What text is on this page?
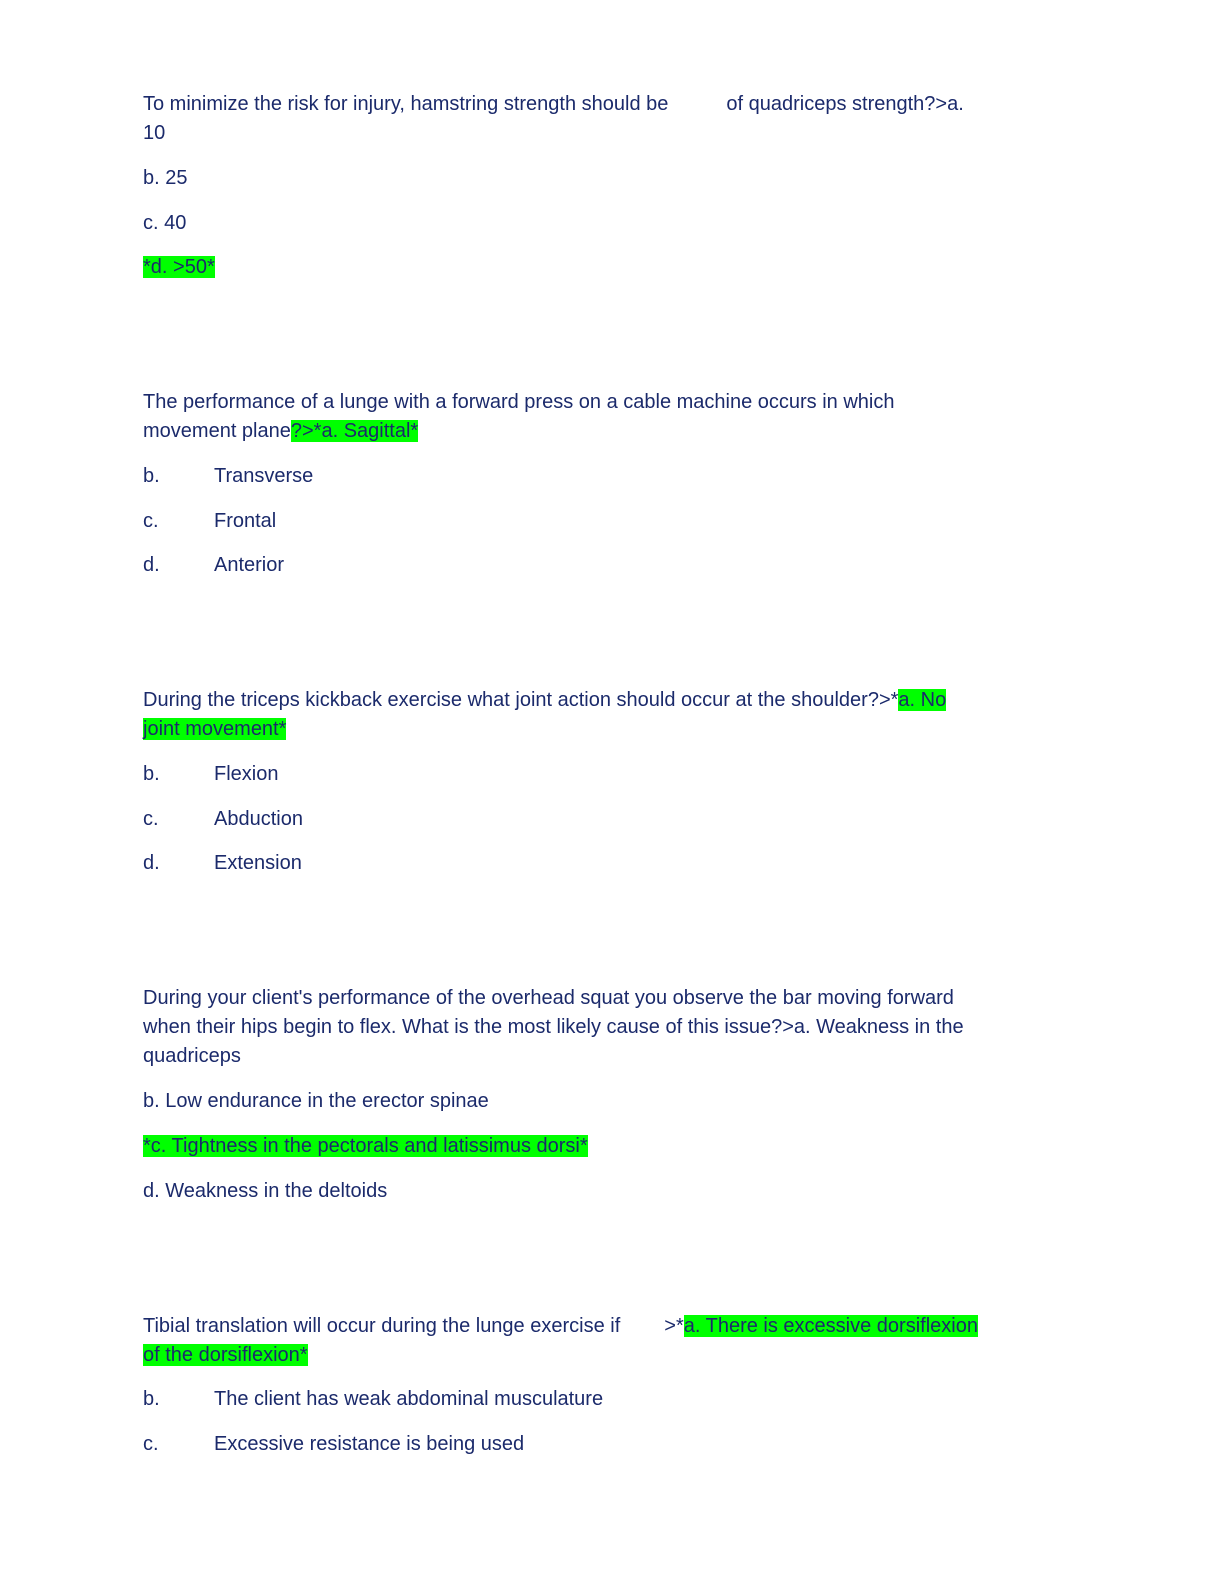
To minimize the risk for injury, hamstring strength should be	of quadriceps strength?>a.
10
b. 25
c. 40
*d. >50*
The performance of a lunge with a forward press on a cable machine occurs in which
movement plane?>*a. Sagittal*
b.	Transverse
c.	Frontal
d.	Anterior
During the triceps kickback exercise what joint action should occur at the shoulder?>*a. No
joint movement*
b.	Flexion
c.	Abduction
d.	Extension
During your client's performance of the overhead squat you observe the bar moving forward
when their hips begin to flex. What is the most likely cause of this issue?>a. Weakness in the
quadriceps
b. Low endurance in the erector spinae
*c. Tightness in the pectorals and latissimus dorsi*
d. Weakness in the deltoids
Tibial translation will occur during the lunge exercise if >*a. There is excessive dorsiflexion
of the dorsiflexion*
b.	The client has weak abdominal musculature
c.	Excessive resistance is being used
